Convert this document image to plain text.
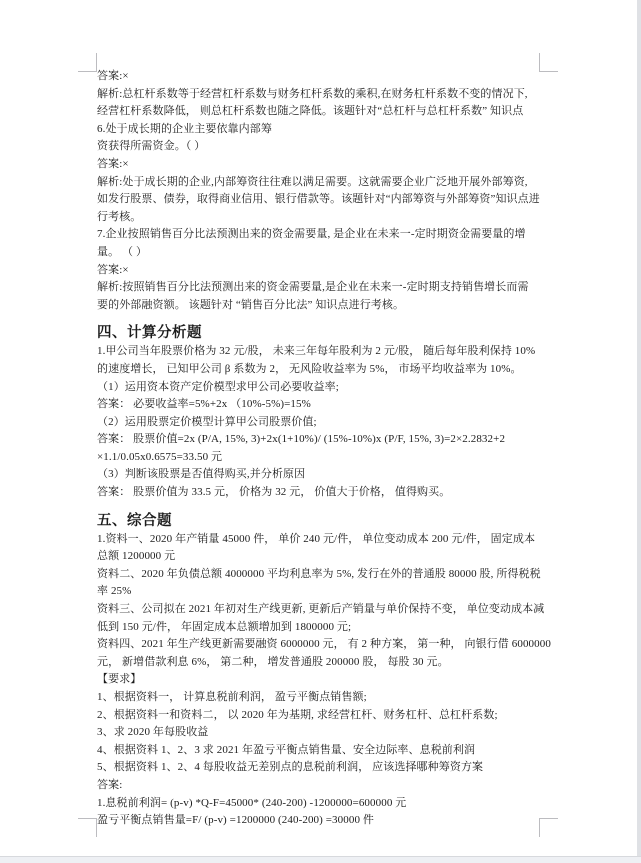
答案:×
解析:总杠杆系数等于经营杠杆系数与财务杠杆系数的乘积,在财务杠杆系数不变的情况下,
经营杠杆系数降低， 则总杠杆系数也随之降低。该题针对“总杠杆与总杠杆系数” 知识点
6.处于成长期的企业主要依靠内部筹
资获得所需资金。（ ）
答案:×
解析:处于成长期的企业,内部筹资往往难以满足需要。这就需要企业广泛地开展外部筹资,
如发行股票、债券，取得商业信用、银行借款等。该题针对“内部筹资与外部筹资”知识点进
行考核。
7.企业按照销售百分比法预测出来的资金需要量, 是企业在未来一-定时期资金需要量的增
量。 （ ）
答案:×
解析:按照销售百分比法预测出来的资金需要量,是企业在未来一-定时期支持销售增长而需
要的外部融资额。 该题针对 “销售百分比法” 知识点进行考核。
四、计算分析题
1.甲公司当年股票价格为 32 元/股， 未来三年每年股利为 2 元/股， 随后每年股利保持 10%
的速度增长， 已知甲公司 β 系数为 2， 无风险收益率为 5%， 市场平均收益率为 10%。
（1）运用资本资产定价模型求甲公司必要收益率;
答案： 必要收益率=5%+2x （10%-5%)=15%
（2）运用股票定价模型计算甲公司股票价值;
答案： 股票价值=2x (P/A, 15%, 3)+2x(1+10%)/ (15%-10%)x (P/F, 15%, 3)=2×2.2832+2
×1.1/0.05x0.6575=33.50 元
（3）判断该股票是否值得购买,并分析原因
答案： 股票价值为 33.5 元， 价格为 32 元， 价值大于价格， 值得购买。
五、综合题
1.资料一、2020 年产销量 45000 件， 单价 240 元/件， 单位变动成本 200 元/件， 固定成本
总额 1200000 元
资料二、2020 年负债总额 4000000 平均利息率为 5%, 发行在外的普通股 80000 股, 所得税税
率 25%
资料三、公司拟在 2021 年初对生产线更新, 更新后产销量与单价保持不变， 单位变动成本减
低到 150 元/件， 年固定成本总额增加到 1800000 元;
资料四、2021 年生产线更新需要融资 6000000 元， 有 2 种方案， 第一种， 向银行借 6000000
元， 新增借款利息 6%， 第二种， 增发普通股 200000 股， 每股 30 元。
【要求】
1、根据资料一， 计算息税前利润， 盈亏平衡点销售额;
2、根据资料一和资料二， 以 2020 年为基期, 求经营杠杆、财务杠杆、总杠杆系数;
3、求 2020 年每股收益
4、根据资料 1、2、3 求 2021 年盈亏平衡点销售量、安全边际率、息税前利润
5、根据资料 1、2、4 每股收益无差别点的息税前利润， 应该选择哪种筹资方案
答案:
1.息税前利润= (p-v) *Q-F=45000* (240-200) -1200000=600000 元
盈亏平衡点销售量=F/ (p-v) =1200000 (240-200) =30000 件
